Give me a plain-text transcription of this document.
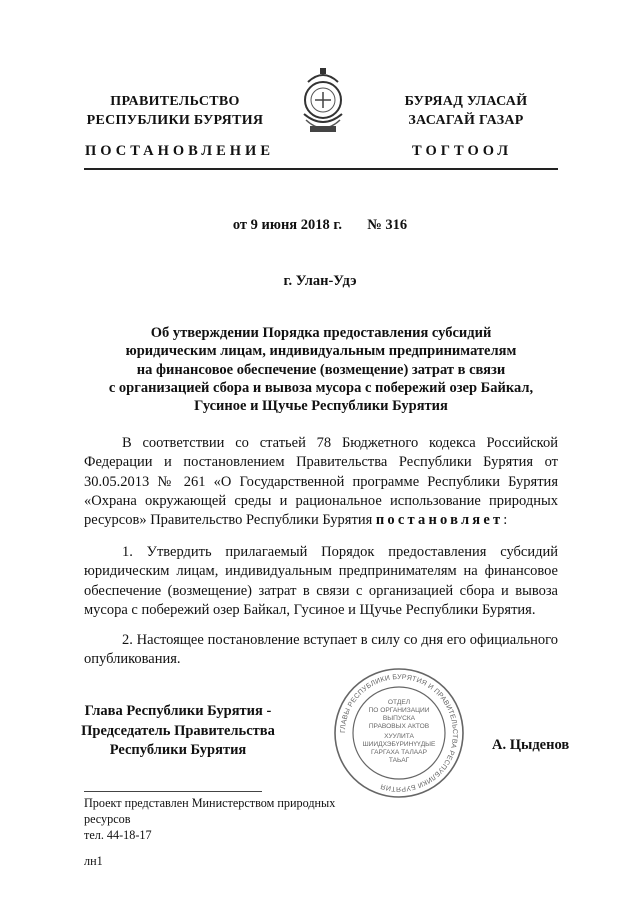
ПРАВИТЕЛЬСТВО
РЕСПУБЛИКИ БУРЯТИЯ
БУРЯАД УЛАСАЙ
ЗАСАГАЙ ГАЗАР
ПОСТАНОВЛЕНИЕ	ТОГТООЛ
от 9 июня 2018 г. № 316
г. Улан-Удэ
Об утверждении Порядка предоставления субсидий
юридическим лицам, индивидуальным предпринимателям
на финансовое обеспечение (возмещение) затрат в связи
с организацией сбора и вывоза мусора с побережий озер Байкал,
Гусиное и Щучье Республики Бурятия
В соответствии со статьей 78 Бюджетного кодекса Российской Федерации и постановлением Правительства Республики Бурятия от 30.05.2013 № 261 «О Государственной программе Республики Бурятия «Охрана окружающей среды и рациональное использование природных ресурсов» Правительство Республики Бурятия постановляет:
1. Утвердить прилагаемый Порядок предоставления субсидий юридическим лицам, индивидуальным предпринимателям на финансовое обеспечение (возмещение) затрат в связи с организацией сбора и вывоза мусора с побережий озер Байкал, Гусиное и Щучье Республики Бурятия.
2. Настоящее постановление вступает в силу со дня его официального опубликования.
Глава Республики Бурятия -
Председатель Правительства
Республики Бурятия
ГЛАВЫ РЕСПУБЛИКИ БУРЯТИЯ И ПРАВИТЕЛЬСТВА РЕСПУБЛИКИ БУРЯТИЯ
ОТДЕЛ
ПО ОРГАНИЗАЦИИ
ВЫПУСКА
ПРАВОВЫХ АКТОВ
ХУУЛИТА
ШИИДХЭБҮРИНҮҮДЫЕ
ГАРГАХА ТАЛААР
ТАЬАГ
А. Цыденов
Проект представлен Министерством природных
ресурсов
тел. 44-18-17
лн1
